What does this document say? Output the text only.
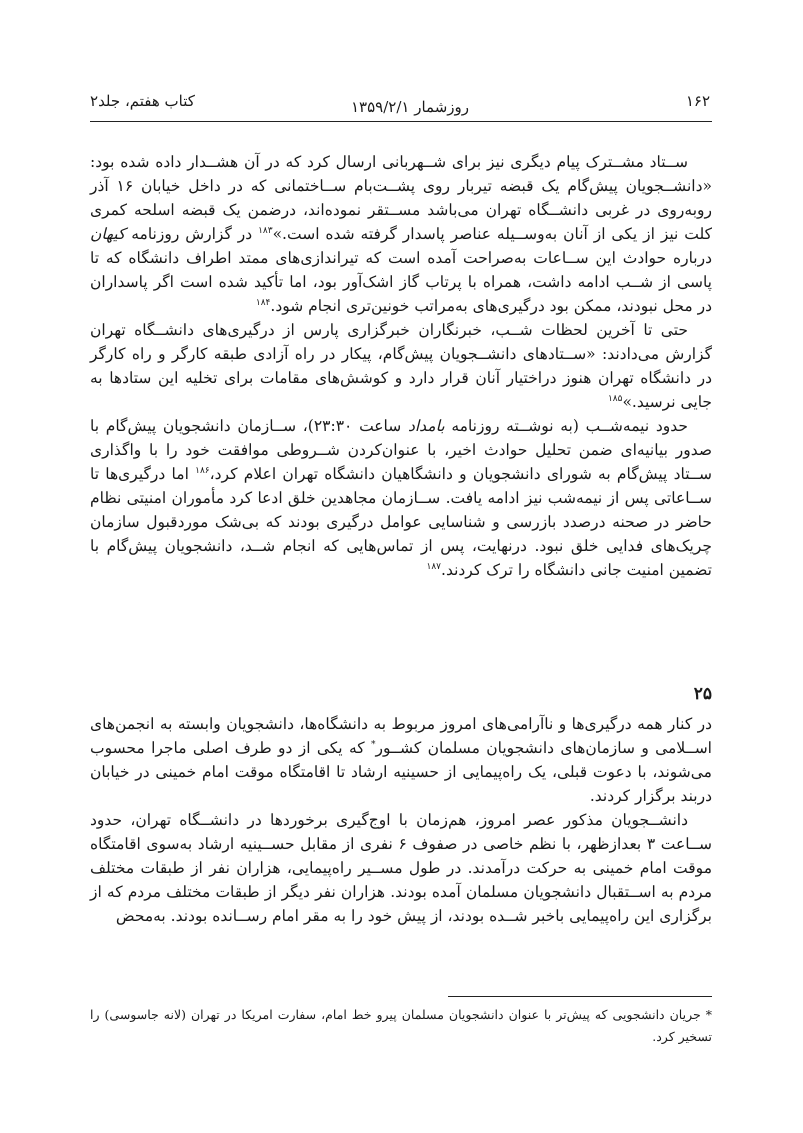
۱۶۲
روزشمار ۱۳۵۹/۲/۱
کتاب هفتم، جلد۲

ســتاد مشــترک پیام دیگری نیز برای شــهربانی ارسال کرد که در آن هشــدار داده شده بود: «دانشــجویان پیش‌گام یک قبضه تیربار روی پشــت‌بام ســاختمانی که در داخل خیابان ۱۶ آذر روبه‌روی در غربی دانشــگاه تهران می‌باشد مســتقر نموده‌اند، درضمن یک قبضه اسلحه کمری کلت نیز از یکی از آنان به‌وســیله عناصر پاسدار گرفته شده است.»$^{۱۸۳}$ در گزارش روزنامه کیهان درباره حوادث این ســاعات به‌صراحت آمده است که تیراندازی‌های ممتد اطراف دانشگاه که تا پاسی از شــب ادامه داشت، همراه با پرتاب گاز اشک‌آور بود، اما تأکید شده است اگر پاسداران در محل نبودند، ممکن بود درگیری‌های به‌مراتب خونین‌تری انجام شود.$^{۱۸۴}$

حتی تا آخرین لحظات شــب، خبرنگاران خبرگزاری پارس از درگیری‌های دانشــگاه تهران گزارش می‌دادند: «ســتادهای دانشــجویان پیش‌گام، پیکار در راه آزادی طبقه کارگر و راه کارگر در دانشگاه تهران هنوز دراختیار آنان قرار دارد و کوشش‌های مقامات برای تخلیه این ستادها به جایی نرسید.»$^{۱۸۵}$

حدود نیمه‌شــب (به نوشــته روزنامه بامداد ساعت ۲۳:۳۰)، ســازمان دانشجویان پیش‌گام با صدور بیانیه‌ای ضمن تحلیل حوادث اخیر، با عنوان‌کردن شــروطی موافقت خود را با واگذاری ســتاد پیش‌گام به شورای دانشجویان و دانشگاهیان دانشگاه تهران اعلام کرد،$^{۱۸۶}$ اما درگیری‌ها تا ســاعاتی پس از نیمه‌شب نیز ادامه یافت. ســازمان مجاهدین خلق ادعا کرد مأموران امنیتی نظام حاضر در صحنه درصدد بازرسی و شناسایی عوامل درگیری بودند که بی‌شک موردقبول سازمان چریک‌های فدایی خلق نبود. درنهایت، پس از تماس‌هایی که انجام شــد، دانشجویان پیش‌گام با تضمین امنیت جانی دانشگاه را ترک کردند.$^{۱۸۷}$

۲۵

در کنار همه درگیری‌ها و ناآرامی‌های امروز مربوط به دانشگاه‌ها، دانشجویان وابسته به انجمن‌های اســلامی و سازمان‌های دانشجویان مسلمان کشــور* که یکی از دو طرف اصلی ماجرا محسوب می‌شوند، با دعوت قبلی، یک راه‌پیمایی از حسینیه ارشاد تا اقامتگاه موقت امام خمینی در خیابان دربند برگزار کردند.

دانشــجویان مذکور عصر امروز، هم‌زمان با اوج‌گیری برخوردها در دانشــگاه تهران، حدود ســاعت ۳ بعدازظهر، با نظم خاصی در صفوف ۶ نفری از مقابل حســینیه ارشاد به‌سوی اقامتگاه موقت امام خمینی به حرکت درآمدند. در طول مســیر راه‌پیمایی، هزاران نفر از طبقات مختلف مردم به اســتقبال دانشجویان مسلمان آمده بودند. هزاران نفر دیگر از طبقات مختلف مردم که از برگزاری این راه‌پیمایی باخبر شــده بودند، از پیش خود را به مقر امام رســانده بودند. به‌محض

* جریان دانشجویی که پیش‌تر با عنوان دانشجویان مسلمان پیرو خط امام، سفارت امریکا در تهران (لانه جاسوسی) را تسخیر کرد.
